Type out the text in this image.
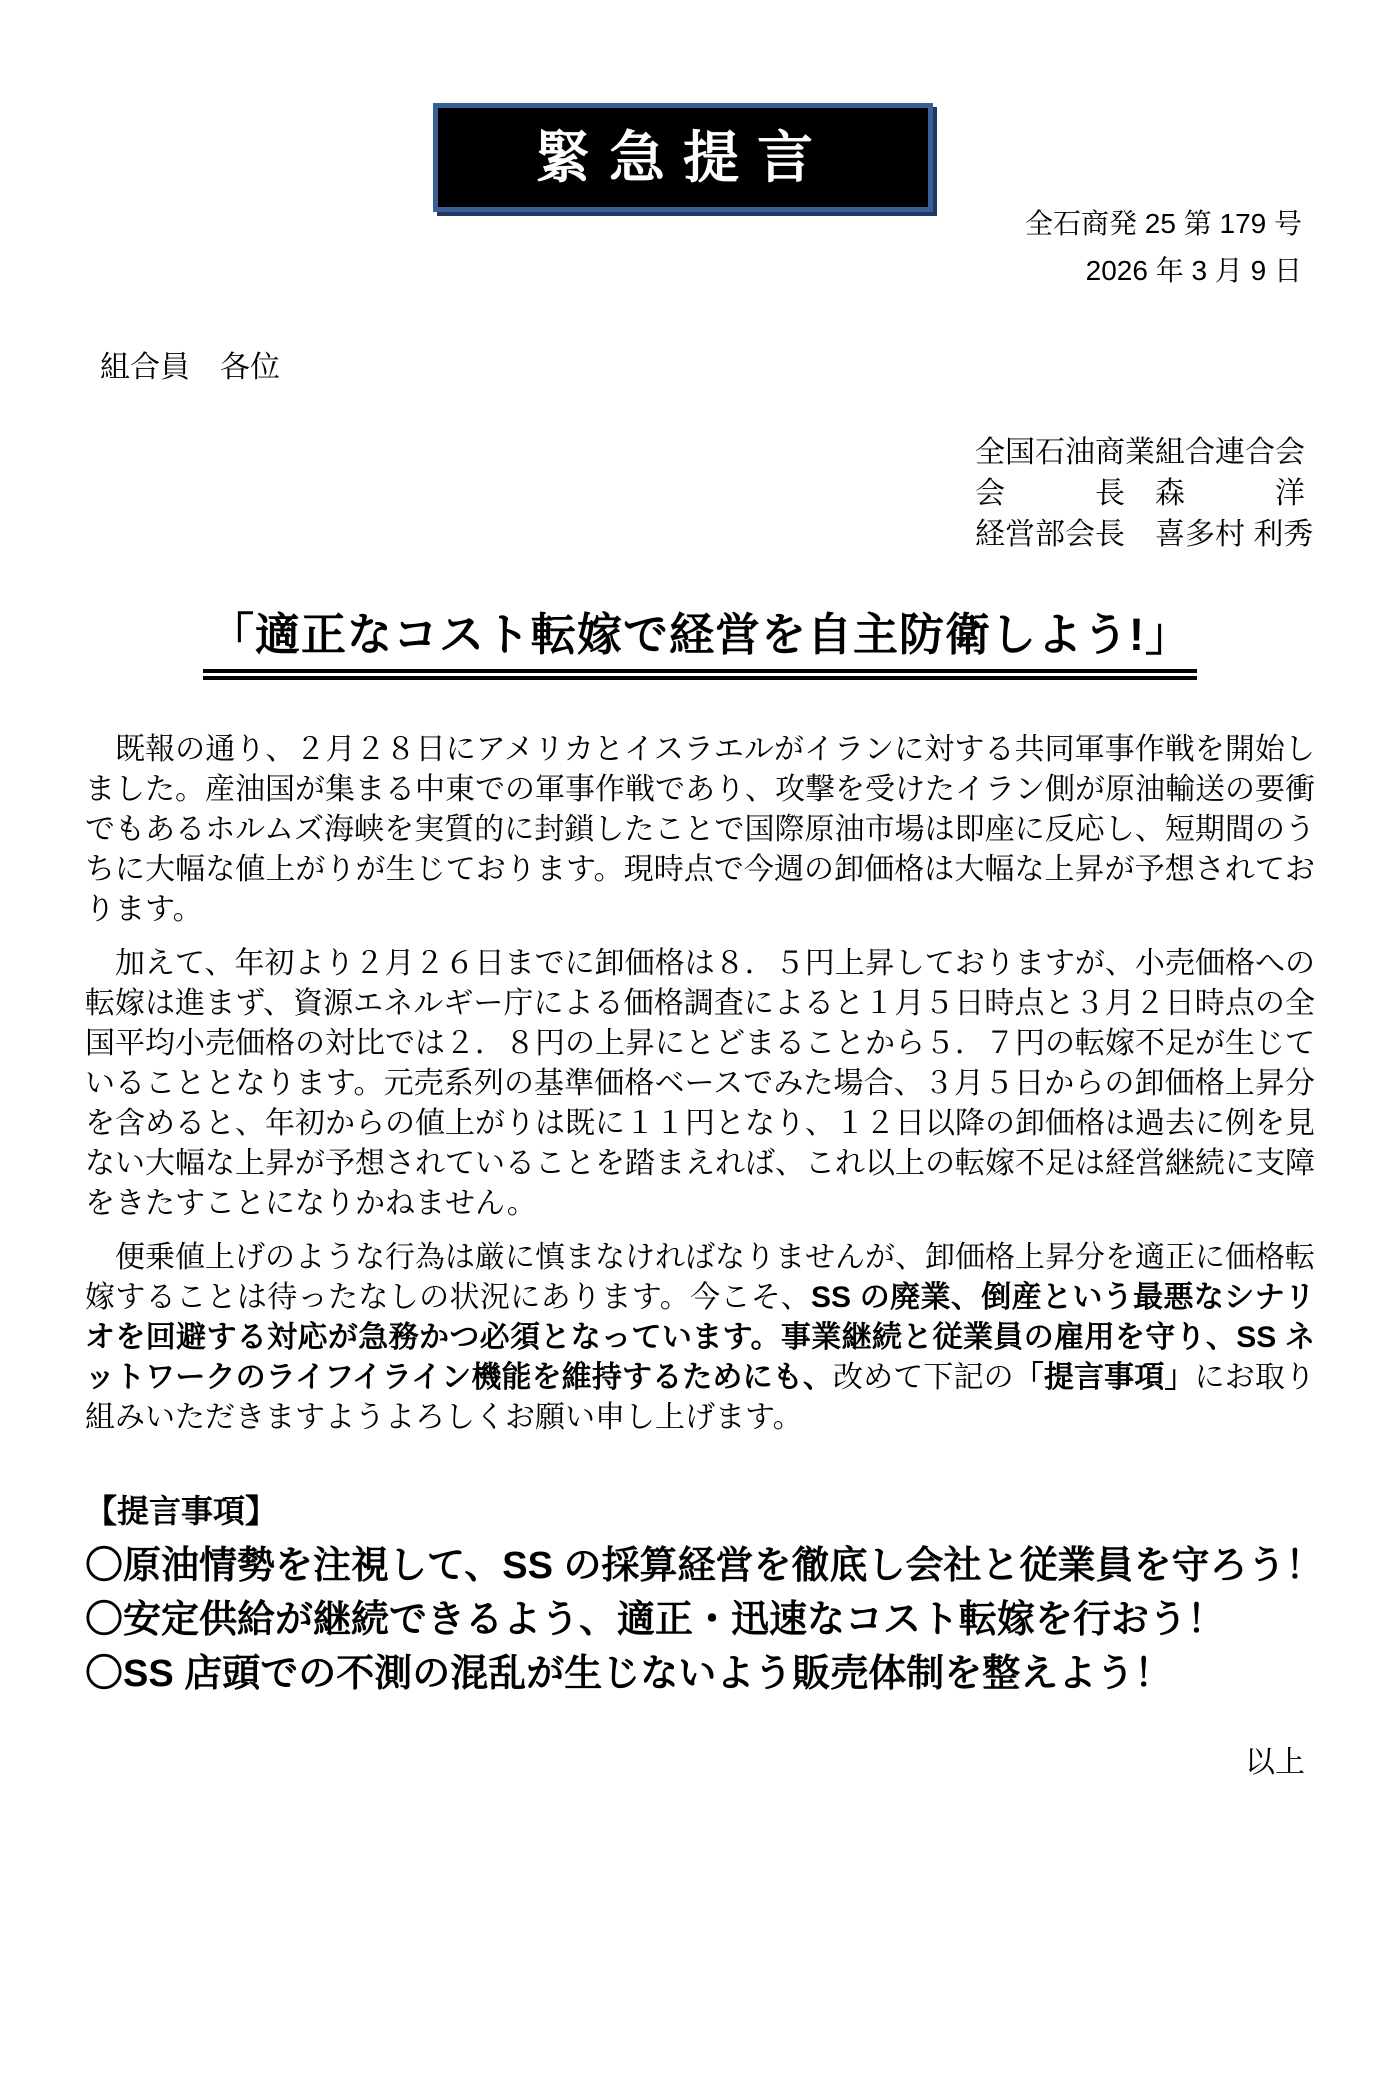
緊急提言
全石商発 25 第 179 号
2026 年 3 月 9 日
組合員　各位
全国石油商業組合連合会
会　　　長　森　　　洋
経営部会長　喜多村 利秀
「適正なコスト転嫁で経営を自主防衛しよう!」

　既報の通り、２月２８日にアメリカとイスラエルがイランに対する共同軍事作戦を開始しました。産油国が集まる中東での軍事作戦であり、攻撃を受けたイラン側が原油輸送の要衝でもあるホルムズ海峡を実質的に封鎖したことで国際原油市場は即座に反応し、短期間のうちに大幅な値上がりが生じております。現時点で今週の卸価格は大幅な上昇が予想されております。

　加えて、年初より２月２６日までに卸価格は８．５円上昇しておりますが、小売価格への転嫁は進まず、資源エネルギー庁による価格調査によると１月５日時点と３月２日時点の全国平均小売価格の対比では２．８円の上昇にとどまることから５．７円の転嫁不足が生じていることとなります。元売系列の基準価格ベースでみた場合、３月５日からの卸価格上昇分を含めると、年初からの値上がりは既に１１円となり、１２日以降の卸価格は過去に例を見ない大幅な上昇が予想されていることを踏まえれば、これ以上の転嫁不足は経営継続に支障をきたすことになりかねません。

　便乗値上げのような行為は厳に慎まなければなりませんが、卸価格上昇分を適正に価格転嫁することは待ったなしの状況にあります。今こそ、SS の廃業、倒産という最悪なシナリオを回避する対応が急務かつ必須となっています。事業継続と従業員の雇用を守り、SS ネットワークのライフイライン機能を維持するためにも、改めて下記の「提言事項」にお取り組みいただきますようよろしくお願い申し上げます。

【提言事項】
〇原油情勢を注視して、SS の採算経営を徹底し会社と従業員を守ろう！
〇安定供給が継続できるよう、適正・迅速なコスト転嫁を行おう！
〇SS 店頭での不測の混乱が生じないよう販売体制を整えよう！
以上
